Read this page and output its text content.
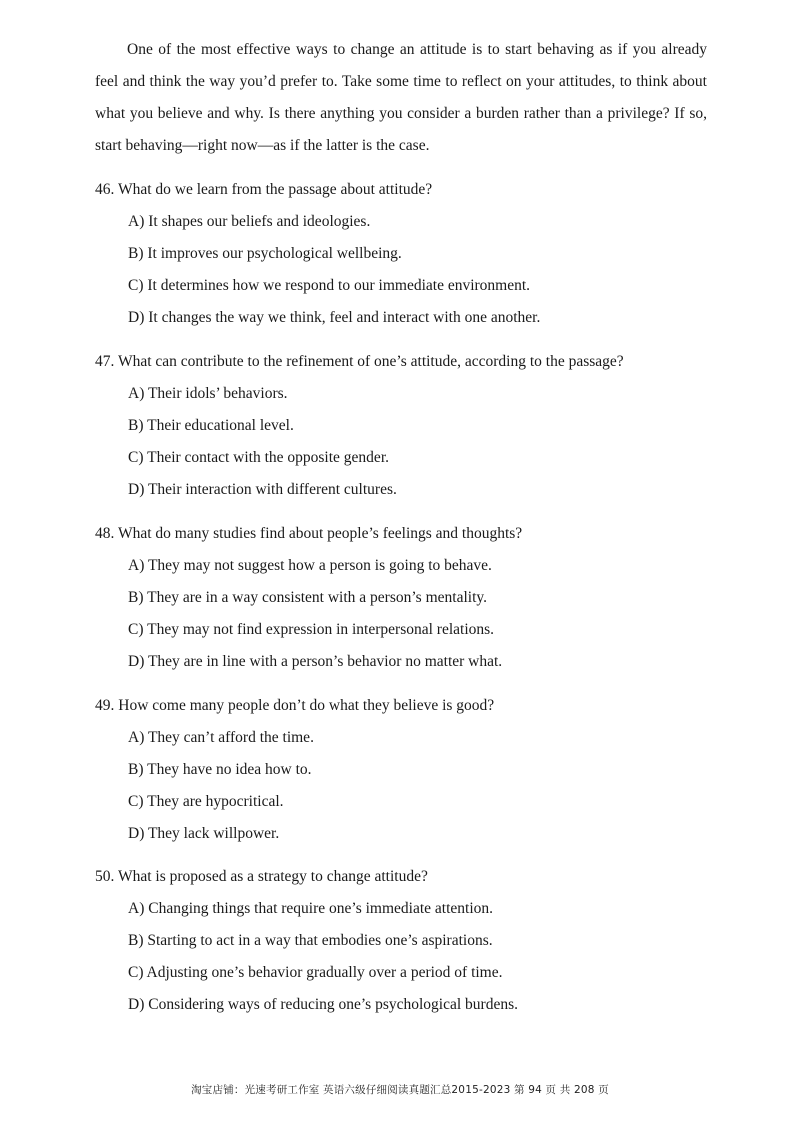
One of the most effective ways to change an attitude is to start behaving as if you already feel and think the way you’d prefer to. Take some time to reflect on your attitudes, to think about what you believe and why. Is there anything you consider a burden rather than a privilege? If so, start behaving—right now—as if the latter is the case.

46. What do we learn from the passage about attitude?

A) It shapes our beliefs and ideologies.

B) It improves our psychological wellbeing.

C) It determines how we respond to our immediate environment.

D) It changes the way we think, feel and interact with one another.

47. What can contribute to the refinement of one’s attitude, according to the passage?

A) Their idols’ behaviors.

B) Their educational level.

C) Their contact with the opposite gender.

D) Their interaction with different cultures.

48. What do many studies find about people’s feelings and thoughts?

A) They may not suggest how a person is going to behave.

B) They are in a way consistent with a person’s mentality.

C) They may not find expression in interpersonal relations.

D) They are in line with a person’s behavior no matter what.

49. How come many people don’t do what they believe is good?

A) They can’t afford the time.

B) They have no idea how to.

C) They are hypocritical.

D) They lack willpower.

50. What is proposed as a strategy to change attitude?

A) Changing things that require one’s immediate attention.

B) Starting to act in a way that embodies one’s aspirations.

C) Adjusting one’s behavior gradually over a period of time.

D) Considering ways of reducing one’s psychological burdens.

淘宝店铺：光速考研工作室 英语六级仔细阅读真题汇总2015-2023 第 94 页 共 208 页
